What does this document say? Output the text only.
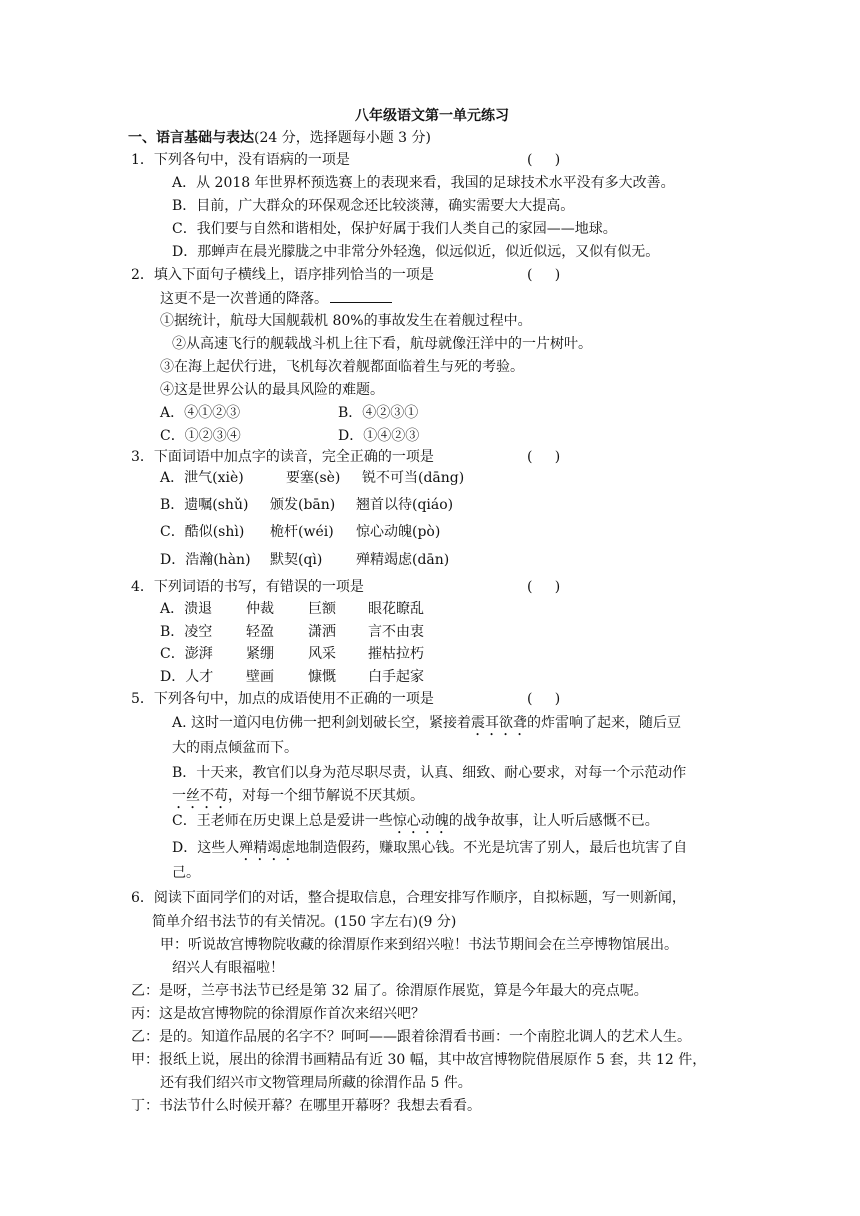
八年级语文第一单元练习
一、语言基础与表达(24 分，选择题每小题 3 分)
1．下列各句中，没有语病的一项是	(     )
A．从 2018 年世界杯预选赛上的表现来看，我国的足球技术水平没有多大改善。
B．目前，广大群众的环保观念还比较淡薄，确实需要大大提高。
C．我们要与自然和谐相处，保护好属于我们人类自己的家园——地球。
D．那蝉声在晨光朦胧之中非常分外轻逸，似远似近，似近似远，又似有似无。
2．填入下面句子横线上，语序排列恰当的一项是	(     )
这更不是一次普通的降落。
①据统计，航母大国舰载机 80%的事故发生在着舰过程中。
②从高速飞行的舰载战斗机上往下看，航母就像汪洋中的一片树叶。
③在海上起伏行进，飞机每次着舰都面临着生与死的考验。
④这是世界公认的最具风险的难题。
A．④①②③	B．④②③①
C．①②③④	D．①④②③
3．下面词语中加点字的读音，完全正确的一项是	(     )
A．泄气(xiè)	要塞(sè) 锐不可当(dāng)
B．遗嘱(shǔ) 颁发(bān) 翘首以待(qiáo)
C．酷似(shì) 桅杆(wéi) 惊心动魄(pò)
D．浩瀚(hàn) 默契(qì) 殚精竭虑(dān)
4．下列词语的书写，有错误的一项是	(     )
A．溃退 仲裁 巨额 眼花瞭乱
B．凌空 轻盈 潇洒 言不由衷
C．澎湃 紧绷 风采 摧枯拉朽
D．人才 壁画 慷慨 白手起家
5．下列各句中，加点的成语使用不正确的一项是	(     )
A. 这时一道闪电仿佛一把利剑划破长空，紧接着震耳欲聋的炸雷响了起来，随后豆
大的雨点倾盆而下。
B．十天来，教官们以身为范尽职尽责，认真、细致、耐心要求，对每一个示范动作
一丝不苟，对每一个细节解说不厌其烦。
C．王老师在历史课上总是爱讲一些惊心动魄的战争故事，让人听后感慨不已。
D．这些人殚精竭虑地制造假药，赚取黑心钱。不光是坑害了别人，最后也坑害了自
己。
6．阅读下面同学们的对话，整合提取信息，合理安排写作顺序，自拟标题，写一则新闻，
简单介绍书法节的有关情况。(150 字左右)(9 分)
甲：听说故宫博物院收藏的徐渭原作来到绍兴啦！书法节期间会在兰亭博物馆展出。
绍兴人有眼福啦！
乙：是呀，兰亭书法节已经是第 32 届了。徐渭原作展览，算是今年最大的亮点呢。
丙：这是故宫博物院的徐渭原作首次来绍兴吧？
乙：是的。知道作品展的名字不？呵呵——跟着徐渭看书画：一个南腔北调人的艺术人生。
甲：报纸上说，展出的徐渭书画精品有近 30 幅，其中故宫博物院借展原作 5 套，共 12 件，
还有我们绍兴市文物管理局所藏的徐渭作品 5 件。
丁：书法节什么时候开幕？在哪里开幕呀？我想去看看。
